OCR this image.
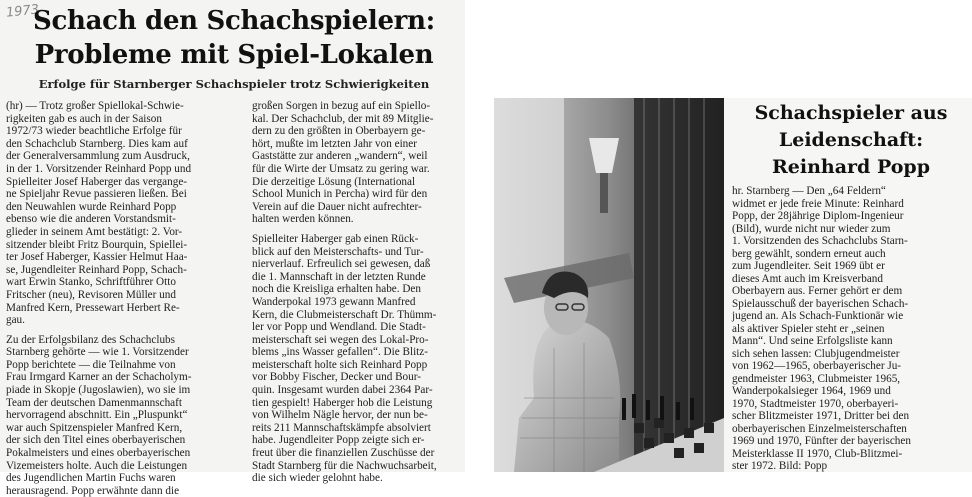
1973
Schach den Schachspielern:
Probleme mit Spiel-Lokalen
Erfolge für Starnberger Schachspieler trotz Schwierigkeiten
(hr) — Trotz großer Spiellokal-Schwie-
rigkeiten gab es auch in der Saison
1972/73 wieder beachtliche Erfolge für
den Schachclub Starnberg. Dies kam auf
der Generalversammlung zum Ausdruck,
in der 1. Vorsitzender Reinhard Popp und
Spielleiter Josef Haberger das vergange-
ne Spieljahr Revue passieren ließen. Bei
den Neuwahlen wurde Reinhard Popp
ebenso wie die anderen Vorstandsmit-
glieder in seinem Amt bestätigt: 2. Vor-
sitzender bleibt Fritz Bourquin, Spiellei-
ter Josef Haberger, Kassier Helmut Haa-
se, Jugendleiter Reinhard Popp, Schach-
wart Erwin Stanko, Schriftführer Otto
Fritscher (neu), Revisoren Müller und
Manfred Kern, Pressewart Herbert Re-
gau.
Zu der Erfolgsbilanz des Schachclubs
Starnberg gehörte — wie 1. Vorsitzender
Popp berichtete — die Teilnahme von
Frau Irmgard Karner an der Schacholym-
piade in Skopje (Jugoslawien), wo sie im
Team der deutschen Damenmannschaft
hervorragend abschnitt. Ein „Pluspunkt“
war auch Spitzenspieler Manfred Kern,
der sich den Titel eines oberbayerischen
Pokalmeisters und eines oberbayerischen
Vizemeisters holte. Auch die Leistungen
des Jugendlichen Martin Fuchs waren
herausragend. Popp erwähnte dann die
großen Sorgen in bezug auf ein Spiello-
kal. Der Schachclub, der mit 89 Mitglie-
dern zu den größten in Oberbayern ge-
hört, mußte im letzten Jahr von einer
Gaststätte zur anderen „wandern“, weil
für die Wirte der Umsatz zu gering war.
Die derzeitige Lösung (International
School Munich in Percha) wird für den
Verein auf die Dauer nicht aufrechter-
halten werden können.
Spielleiter Haberger gab einen Rück-
blick auf den Meisterschafts- und Tur-
nierverlauf. Erfreulich sei gewesen, daß
die 1. Mannschaft in der letzten Runde
noch die Kreisliga erhalten habe. Den
Wanderpokal 1973 gewann Manfred
Kern, die Clubmeisterschaft Dr. Thümm-
ler vor Popp und Wendland. Die Stadt-
meisterschaft sei wegen des Lokal-Pro-
blems „ins Wasser gefallen“. Die Blitz-
meisterschaft holte sich Reinhard Popp
vor Bobby Fischer, Decker und Bour-
quin. Insgesamt wurden dabei 2364 Par-
tien gespielt! Haberger hob die Leistung
von Wilhelm Nägle hervor, der nun be-
reits 211 Mannschaftskämpfe absolviert
habe. Jugendleiter Popp zeigte sich er-
freut über die finanziellen Zuschüsse der
Stadt Starnberg für die Nachwuchsarbeit,
die sich wieder gelohnt habe.
Schachspieler aus
Leidenschaft:
Reinhard Popp
hr. Starnberg — Den „64 Feldern“
widmet er jede freie Minute: Reinhard
Popp, der 28jährige Diplom-Ingenieur
(Bild), wurde nicht nur wieder zum
1. Vorsitzenden des Schachclubs Starn-
berg gewählt, sondern erneut auch
zum Jugendleiter. Seit 1969 übt er
dieses Amt auch im Kreisverband
Oberbayern aus. Ferner gehört er dem
Spielausschuß der bayerischen Schach-
jugend an. Als Schach-Funktionär wie
als aktiver Spieler steht er „seinen
Mann“. Und seine Erfolgsliste kann
sich sehen lassen: Clubjugendmeister
von 1962—1965, oberbayerischer Ju-
gendmeister 1963, Clubmeister 1965,
Wanderpokalsieger 1964, 1969 und
1970, Stadtmeister 1970, oberbayeri-
scher Blitzmeister 1971, Dritter bei den
oberbayerischen Einzelmeisterschaften
1969 und 1970, Fünfter der bayerischen
Meisterklasse II 1970, Club-Blitzmei-
ster 1972. Bild: Popp
